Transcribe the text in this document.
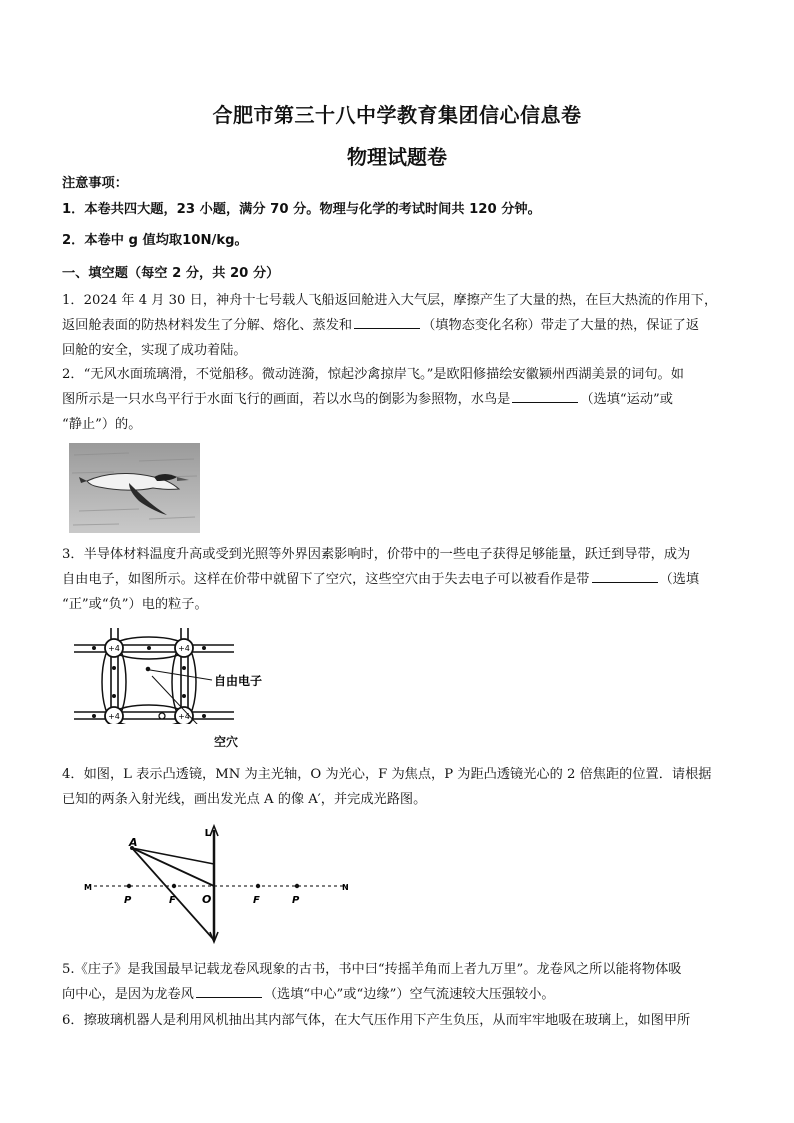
合肥市第三十八中学教育集团信心信息卷
物理试题卷
注意事项：
1．本卷共四大题，23 小题，满分 70 分。物理与化学的考试时间共 120 分钟。
2．本卷中 g 值均取10N/kg。
一、填空题（每空 2 分，共 20 分）
1．2024 年 4 月 30 日，神舟十七号载人飞船返回舱进入大气层，摩擦产生了大量的热，在巨大热流的作用下，
返回舱表面的防热材料发生了分解、熔化、蒸发和	（填物态变化名称）带走了大量的热，保证了返
回舱的安全，实现了成功着陆。
2．“无风水面琉璃滑，不觉船移。微动涟漪，惊起沙禽掠岸飞。”是欧阳修描绘安徽颍州西湖美景的词句。如
图所示是一只水鸟平行于水面飞行的画面，若以水鸟的倒影为参照物，水鸟是	（选填“运动”或
“静止”）的。
3．半导体材料温度升高或受到光照等外界因素影响时，价带中的一些电子获得足够能量，跃迁到导带，成为
自由电子，如图所示。这样在价带中就留下了空穴，这些空穴由于失去电子可以被看作是带	（选填
“正”或“负”）电的粒子。
+4	+4
+4	+4
自由电子
空穴
4．如图，L 表示凸透镜，MN 为主光轴，O 为光心，F 为焦点，P 为距凸透镜光心的 2 倍焦距的位置．请根据
已知的两条入射光线，画出发光点 A 的像 A′，并完成光路图。
A
L
M	N
O
P	F	F	P
5.《庄子》是我国最早记载龙卷风现象的古书，书中曰“抟摇羊角而上者九万里”。龙卷风之所以能将物体吸
向中心，是因为龙卷风	（选填“中心”或“边缘”）空气流速较大压强较小。
6．擦玻璃机器人是利用风机抽出其内部气体，在大气压作用下产生负压，从而牢牢地吸在玻璃上，如图甲所
